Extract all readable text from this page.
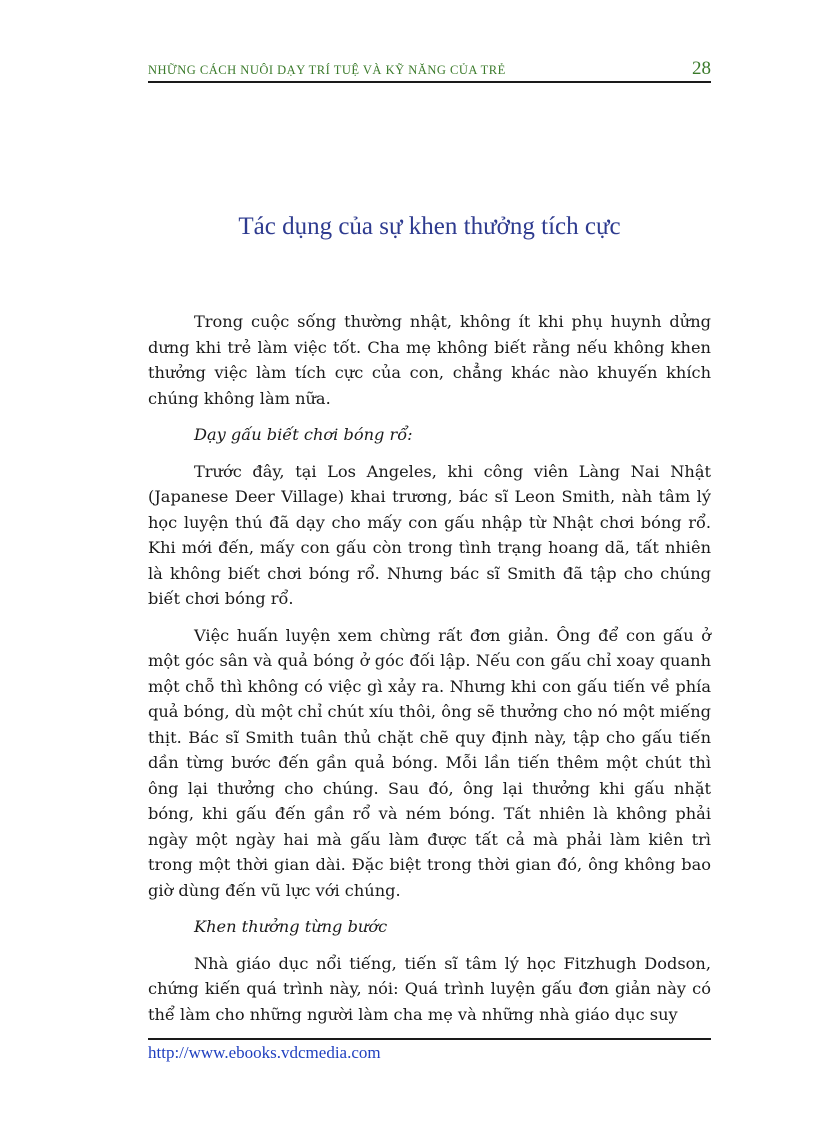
NHỮNG CÁCH NUÔI DẠY TRÍ TUỆ VÀ KỸ NĂNG CỦA TRẺ	28
Tác dụng của sự khen thưởng tích cực

Trong cuộc sống thường nhật, không ít khi phụ huynh dửng dưng khi trẻ làm việc tốt. Cha mẹ không biết rằng nếu không khen thưởng việc làm tích cực của con, chẳng khác nào khuyến khích chúng không làm nữa.

Dạy gấu biết chơi bóng rổ:

Trước đây, tại Los Angeles, khi công viên Làng Nai Nhật (Japanese Deer Village) khai trương, bác sĩ Leon Smith, nàh tâm lý học luyện thú đã dạy cho mấy con gấu nhập từ Nhật chơi bóng rổ. Khi mới đến, mấy con gấu còn trong tình trạng hoang dã, tất nhiên là không biết chơi bóng rổ. Nhưng bác sĩ Smith đã tập cho chúng biết chơi bóng rổ.

Việc huấn luyện xem chừng rất đơn giản. Ông để con gấu ở một góc sân và quả bóng ở góc đối lập. Nếu con gấu chỉ xoay quanh một chỗ thì không có việc gì xảy ra. Nhưng khi con gấu tiến về phía quả bóng, dù một chỉ chút xíu thôi, ông sẽ thưởng cho nó một miếng thịt. Bác sĩ Smith tuân thủ chặt chẽ quy định này, tập cho gấu tiến dần từng bước đến gần quả bóng. Mỗi lần tiến thêm một chút thì ông lại thưởng cho chúng. Sau đó, ông lại thưởng khi gấu nhặt bóng, khi gấu đến gần rổ và ném bóng. Tất nhiên là không phải ngày một ngày hai mà gấu làm được tất cả mà phải làm kiên trì trong một thời gian dài. Đặc biệt trong thời gian đó, ông không bao giờ dùng đến vũ lực với chúng.

Khen thưởng từng bước

Nhà giáo dục nổi tiếng, tiến sĩ tâm lý học Fitzhugh Dodson, chứng kiến quá trình này, nói: Quá trình luyện gấu đơn giản này có thể làm cho những người làm cha mẹ và những nhà giáo dục suy

http://www.ebooks.vdcmedia.com
